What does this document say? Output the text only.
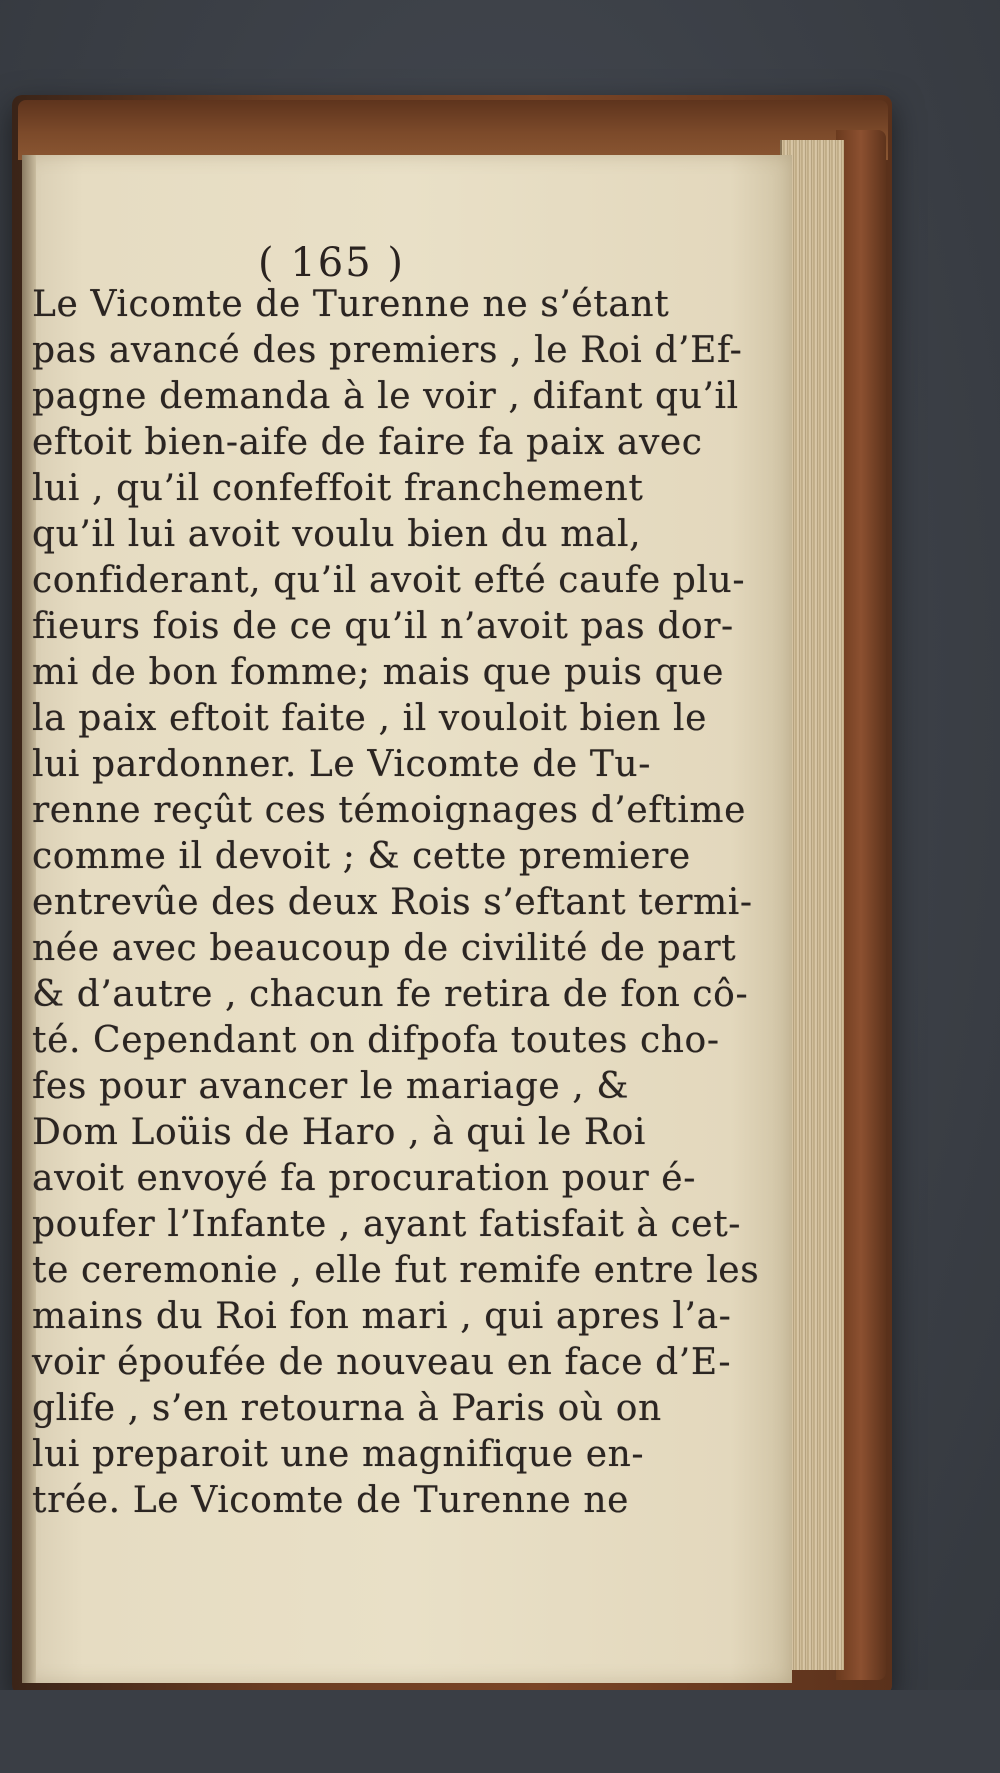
( 165 )
Le Vicomte de Turenne ne s’étant
pas avancé des premiers , le Roi d’Ef-
pagne demanda à le voir , difant qu’il
eftoit bien-aife de faire fa paix avec
lui , qu’il confeffoit franchement
qu’il lui avoit voulu bien du mal,
confiderant, qu’il avoit efté caufe plu-
fieurs fois de ce qu’il n’avoit pas dor-
mi de bon fomme; mais que puis que
la paix eftoit faite , il vouloit bien le
lui pardonner. Le Vicomte de Tu-
renne reçût ces témoignages d’eftime
comme il devoit ; & cette premiere
entrevûe des deux Rois s’eftant termi-
née avec beaucoup de civilité de part
& d’autre , chacun fe retira de fon cô-
té. Cependant on difpofa toutes cho-
fes pour avancer le mariage , &
Dom Loüis de Haro , à qui le Roi
avoit envoyé fa procuration pour é-
poufer l’Infante , ayant fatisfait à cet-
te ceremonie , elle fut remife entre les
mains du Roi fon mari , qui apres l’a-
voir époufée de nouveau en face d’E-
glife , s’en retourna à Paris où on
lui preparoit une magnifique en-
trée. Le Vicomte de Turenne ne
